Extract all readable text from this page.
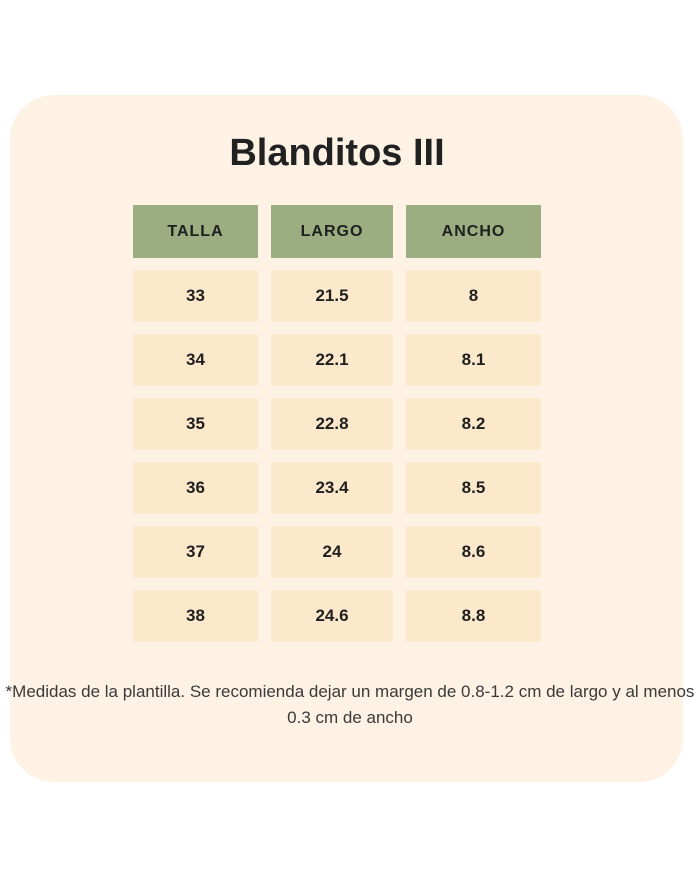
Blanditos III
TALLA	LARGO	ANCHO
33	21.5	8
34	22.1	8.1
35	22.8	8.2
36	23.4	8.5
37	24	8.6
38	24.6	8.8

*Medidas de la plantilla. Se recomienda dejar un margen de 0.8-1.2 cm de largo y al menos 0.3 cm de ancho
